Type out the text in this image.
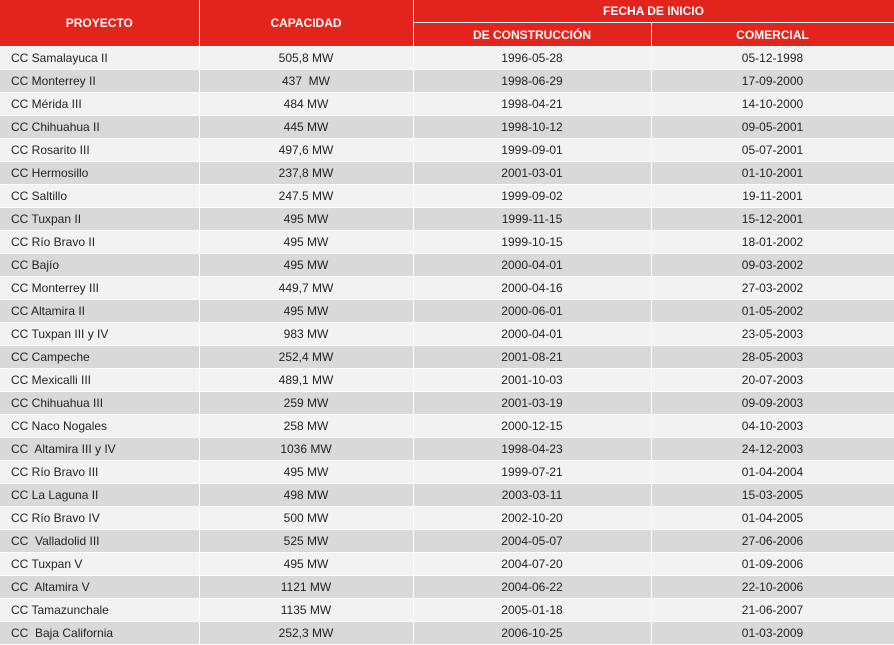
PROYECTO	CAPACIDAD	FECHA DE INICIO	
		DE CONSTRUCCIÓN	COMERCIAL
CC Samalayuca II	505,8 MW	1996-05-28	05-12-1998
CC Monterrey II	437  MW	1998-06-29	17-09-2000
CC Mérida III	484 MW	1998-04-21	14-10-2000
CC Chihuahua II	445 MW	1998-10-12	09-05-2001
CC Rosarito III	497,6 MW	1999-09-01	05-07-2001
CC Hermosillo	237,8 MW	2001-03-01	01-10-2001
CC Saltillo	247.5 MW	1999-09-02	19-11-2001
CC Tuxpan II	495 MW	1999-11-15	15-12-2001
CC Río Bravo II	495 MW	1999-10-15	18-01-2002
CC Bajío	495 MW	2000-04-01	09-03-2002
CC Monterrey III	449,7 MW	2000-04-16	27-03-2002
CC Altamira II	495 MW	2000-06-01	01-05-2002
CC Tuxpan III y IV	983 MW	2000-04-01	23-05-2003
CC Campeche	252,4 MW	2001-08-21	28-05-2003
CC Mexicalli III	489,1 MW	2001-10-03	20-07-2003
CC Chihuahua III	259 MW	2001-03-19	09-09-2003
CC Naco Nogales	258 MW	2000-12-15	04-10-2003
CC  Altamira III y IV	1036 MW	1998-04-23	24-12-2003
CC Río Bravo III	495 MW	1999-07-21	01-04-2004
CC La Laguna II	498 MW	2003-03-11	15-03-2005
CC Río Bravo IV	500 MW	2002-10-20	01-04-2005
CC  Valladolid III	525 MW	2004-05-07	27-06-2006
CC Tuxpan V	495 MW	2004-07-20	01-09-2006
CC  Altamira V	1121 MW	2004-06-22	22-10-2006
CC Tamazunchale	1135 MW	2005-01-18	21-06-2007
CC  Baja California	252,3 MW	2006-10-25	01-03-2009
